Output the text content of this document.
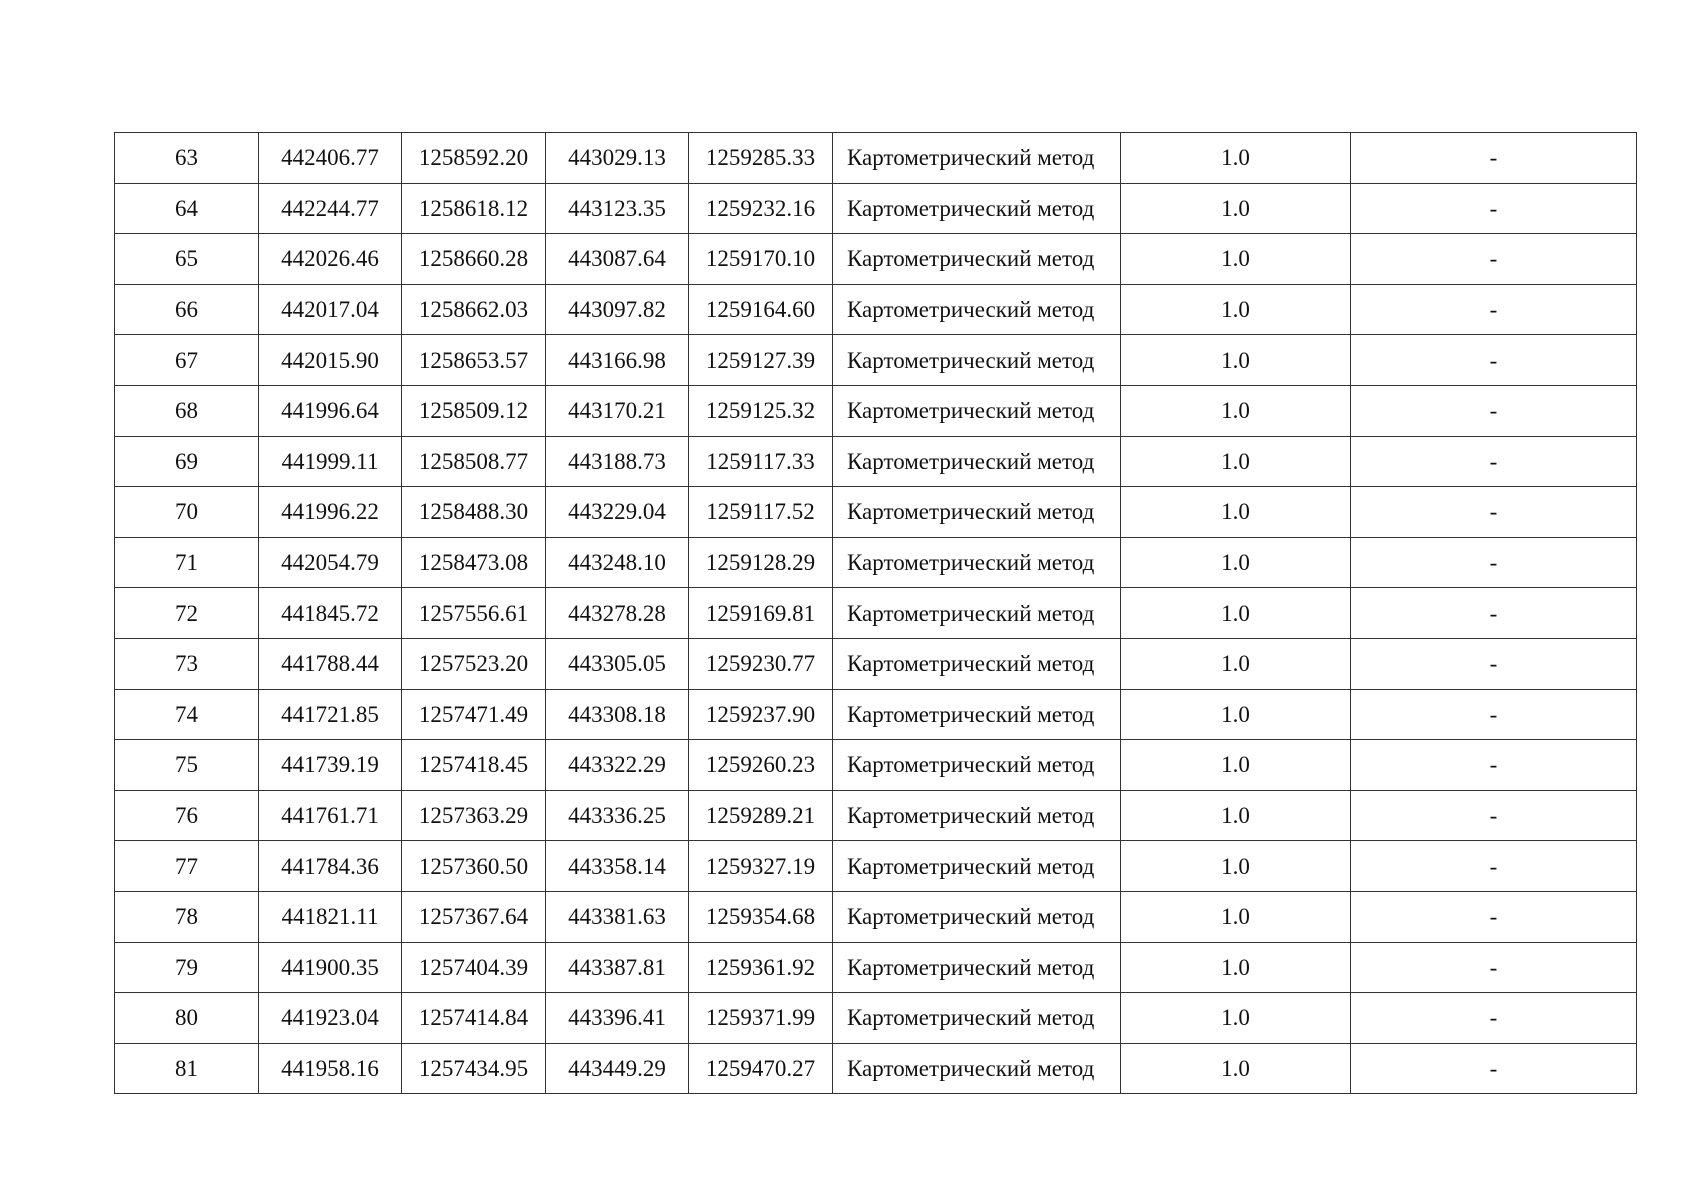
63	442406.77	1258592.20	443029.13	1259285.33	Картометрический метод	1.0	-
64	442244.77	1258618.12	443123.35	1259232.16	Картометрический метод	1.0	-
65	442026.46	1258660.28	443087.64	1259170.10	Картометрический метод	1.0	-
66	442017.04	1258662.03	443097.82	1259164.60	Картометрический метод	1.0	-
67	442015.90	1258653.57	443166.98	1259127.39	Картометрический метод	1.0	-
68	441996.64	1258509.12	443170.21	1259125.32	Картометрический метод	1.0	-
69	441999.11	1258508.77	443188.73	1259117.33	Картометрический метод	1.0	-
70	441996.22	1258488.30	443229.04	1259117.52	Картометрический метод	1.0	-
71	442054.79	1258473.08	443248.10	1259128.29	Картометрический метод	1.0	-
72	441845.72	1257556.61	443278.28	1259169.81	Картометрический метод	1.0	-
73	441788.44	1257523.20	443305.05	1259230.77	Картометрический метод	1.0	-
74	441721.85	1257471.49	443308.18	1259237.90	Картометрический метод	1.0	-
75	441739.19	1257418.45	443322.29	1259260.23	Картометрический метод	1.0	-
76	441761.71	1257363.29	443336.25	1259289.21	Картометрический метод	1.0	-
77	441784.36	1257360.50	443358.14	1259327.19	Картометрический метод	1.0	-
78	441821.11	1257367.64	443381.63	1259354.68	Картометрический метод	1.0	-
79	441900.35	1257404.39	443387.81	1259361.92	Картометрический метод	1.0	-
80	441923.04	1257414.84	443396.41	1259371.99	Картометрический метод	1.0	-
81	441958.16	1257434.95	443449.29	1259470.27	Картометрический метод	1.0	-
